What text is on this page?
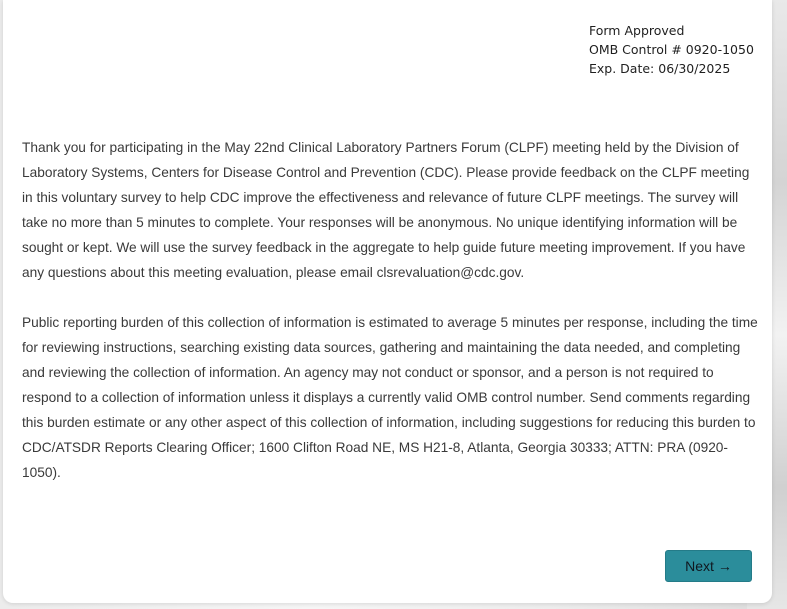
Form Approved
OMB Control # 0920-1050
Exp. Date: 06/30/2025

Thank you for participating in the May 22nd Clinical Laboratory Partners Forum (CLPF) meeting held by the Division of Laboratory Systems, Centers for Disease Control and Prevention (CDC). Please provide feedback on the CLPF meeting in this voluntary survey to help CDC improve the effectiveness and relevance of future CLPF meetings. The survey will take no more than 5 minutes to complete. Your responses will be anonymous. No unique identifying information will be sought or kept. We will use the survey feedback in the aggregate to help guide future meeting improvement. If you have any questions about this meeting evaluation, please email clsrevaluation@cdc.gov.

Public reporting burden of this collection of information is estimated to average 5 minutes per response, including the time for reviewing instructions, searching existing data sources, gathering and maintaining the data needed, and completing and reviewing the collection of information. An agency may not conduct or sponsor, and a person is not required to respond to a collection of information unless it displays a currently valid OMB control number. Send comments regarding this burden estimate or any other aspect of this collection of information, including suggestions for reducing this burden to CDC/ATSDR Reports Clearing Officer; 1600 Clifton Road NE, MS H21-8, Atlanta, Georgia 30333; ATTN: PRA (0920-1050).

Next →
